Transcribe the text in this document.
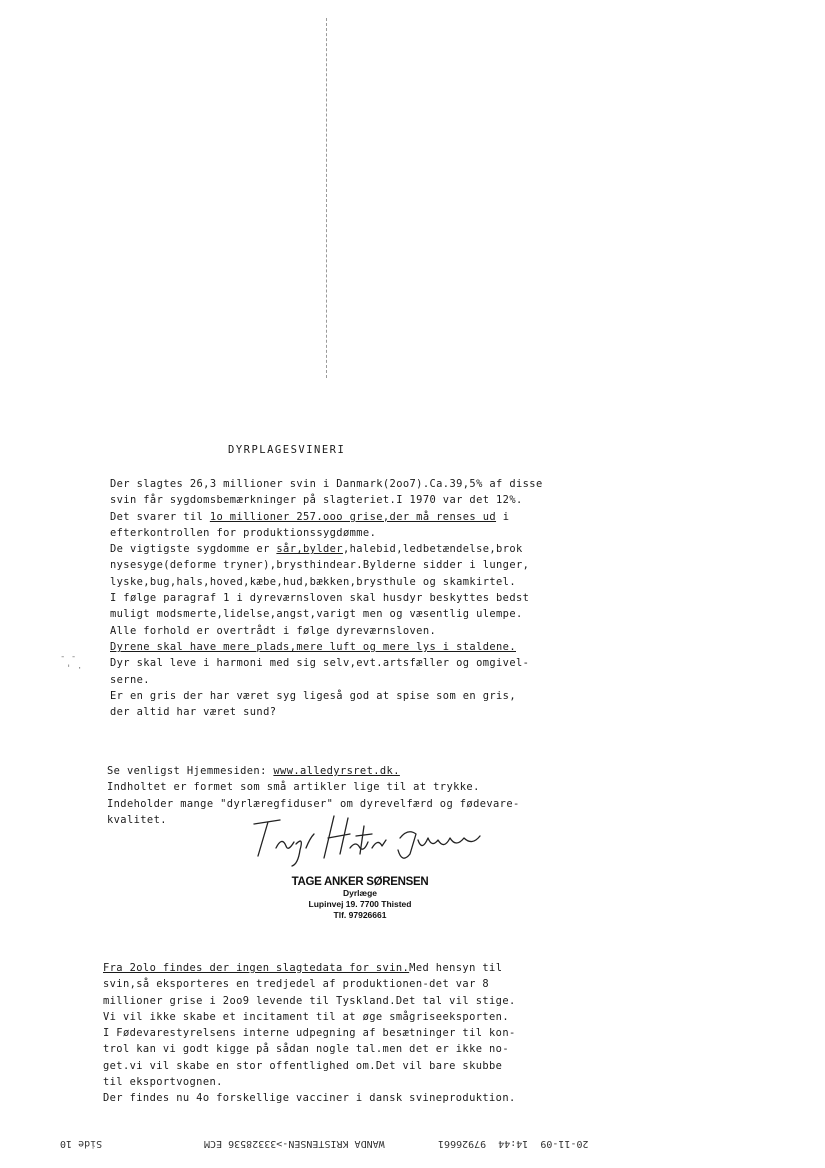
‐ ‐
' ·
DYRPLAGESVINERI
Der slagtes 26,3 millioner svin i Danmark(2oo7).Ca.39,5% af disse
svin får sygdomsbemærkninger på slagteriet.I 1970 var det 12%.
Det svarer til 1o millioner 257.ooo grise,der må renses ud i
efterkontrollen for produktionssygdømme.
De vigtigste sygdomme er sår,bylder,halebid,ledbetændelse,brok
nysesyge(deforme tryner),brysthindear.Bylderne sidder i lunger,
lyske,bug,hals,hoved,kæbe,hud,bækken,brysthule og skamkirtel.
I følge paragraf 1 i dyreværnsloven skal husdyr beskyttes bedst
muligt modsmerte,lidelse,angst,varigt men og væsentlig ulempe.
Alle forhold er overtrådt i følge dyreværnsloven.
Dyrene skal have mere plads,mere luft og mere lys i staldene.
Dyr skal leve i harmoni med sig selv,evt.artsfæller og omgivel-
serne.
Er en gris der har været syg ligeså god at spise som en gris,
der altid har været sund?
Se venligst Hjemmesiden: www.alledyrsret.dk.
Indholtet er formet som små artikler lige til at trykke.
Indeholder mange "dyrlæregfiduser" om dyrevelfærd og fødevare-
kvalitet.
TAGE ANKER SØRENSEN
Dyrlæge
Lupinvej 19. 7700 Thisted
Tlf. 97926661
Fra 2olo findes der ingen slagtedata for svin.Med hensyn til
svin,så eksporteres en tredjedel af produktionen-det var 8
millioner grise i 2oo9 levende til Tyskland.Det tal vil stige.
Vi vil ikke skabe et incitament til at øge smågriseeksporten.
I Fødevarestyrelsens interne udpegning af besætninger til kon-
trol kan vi godt kigge på sådan nogle tal.men det er ikke no-
get.vi vil skabe en stor offentlighed om.Det vil bare skubbe
til eksportvognen.
Der findes nu 4o forskellige vacciner i dansk svineproduktion.
Side 10	WANDA KRISTENSEN->33328536 ECM	20-11-09  14:44  97926661
